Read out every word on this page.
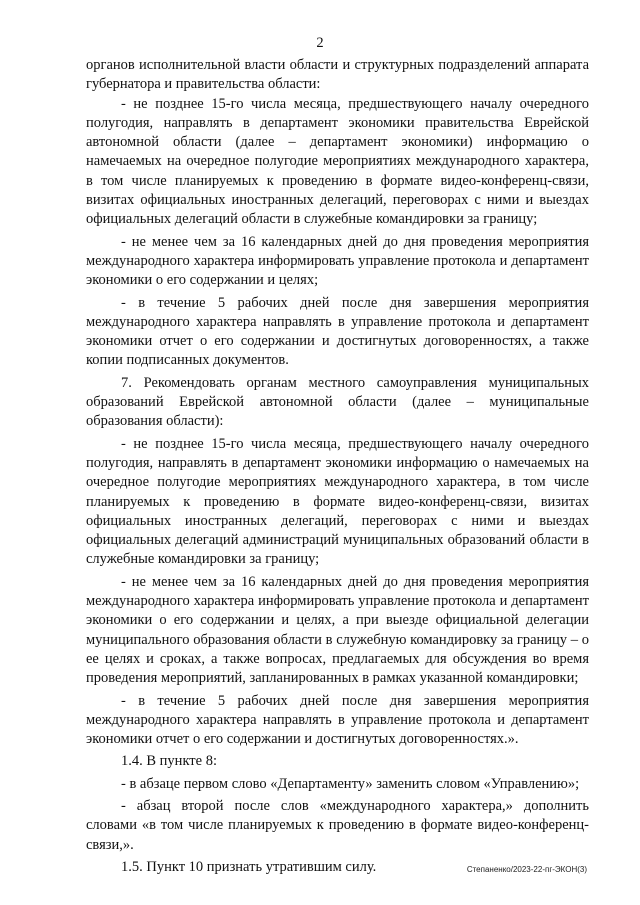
2

органов исполнительной власти области и структурных подразделений аппарата губернатора и правительства области:

- не позднее 15-го числа месяца, предшествующего началу очередного полугодия, направлять в департамент экономики правительства Еврейской автономной области (далее – департамент экономики) информацию о намечаемых на очередное полугодие мероприятиях международного характера, в том числе планируемых к проведению в формате видео-конференц-связи, визитах официальных иностранных делегаций, переговорах с ними и выездах официальных делегаций области в служебные командировки за границу;

- не менее чем за 16 календарных дней до дня проведения мероприятия международного характера информировать управление протокола и департамент экономики о его содержании и целях;

- в течение 5 рабочих дней после дня завершения мероприятия международного характера направлять в управление протокола и департамент экономики отчет о его содержании и достигнутых договоренностях, а также копии подписанных документов.

7. Рекомендовать органам местного самоуправления муниципальных образований Еврейской автономной области (далее – муниципальные образования области):

- не позднее 15-го числа месяца, предшествующего началу очередного полугодия, направлять в департамент экономики информацию о намечаемых на очередное полугодие мероприятиях международного характера, в том числе планируемых к проведению в формате видео-конференц-связи, визитах официальных иностранных делегаций, переговорах с ними и выездах официальных делегаций администраций муниципальных образований области в служебные командировки за границу;

- не менее чем за 16 календарных дней до дня проведения мероприятия международного характера информировать управление протокола и департамент экономики о его содержании и целях, а при выезде официальной делегации муниципального образования области в служебную командировку за границу – о ее целях и сроках, а также вопросах, предлагаемых для обсуждения во время проведения мероприятий, запланированных в рамках указанной командировки;

- в течение 5 рабочих дней после дня завершения мероприятия международного характера направлять в управление протокола и департамент экономики отчет о его содержании и достигнутых договоренностях.».

1.4. В пункте 8:

- в абзаце первом слово «Департаменту» заменить словом «Управлению»;

- абзац второй после слов «международного характера,» дополнить словами «в том числе планируемых к проведению в формате видео-конференц-связи,».

1.5. Пункт 10 признать утратившим силу.	Степаненко/2023-22-пг-ЭКОН(3)
